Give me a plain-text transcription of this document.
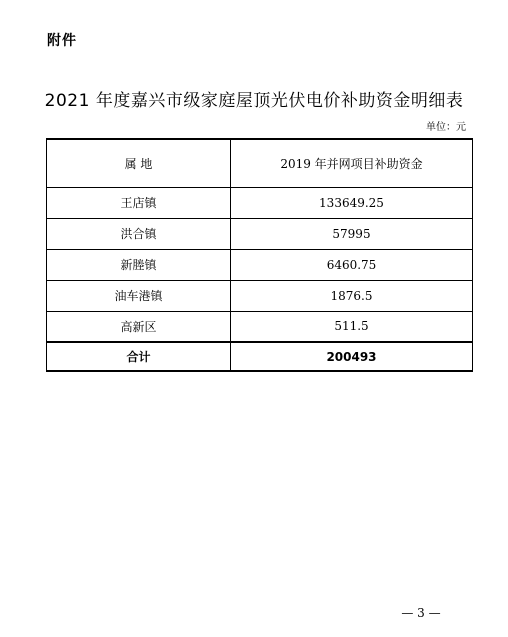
附件
2021 年度嘉兴市级家庭屋顶光伏电价补助资金明细表
单位：元
属 地	2019 年并网项目补助资金
王店镇	133649.25
洪合镇	57995
新塍镇	6460.75
油车港镇	1876.5
高新区	511.5
合计	200493
— 3 —
